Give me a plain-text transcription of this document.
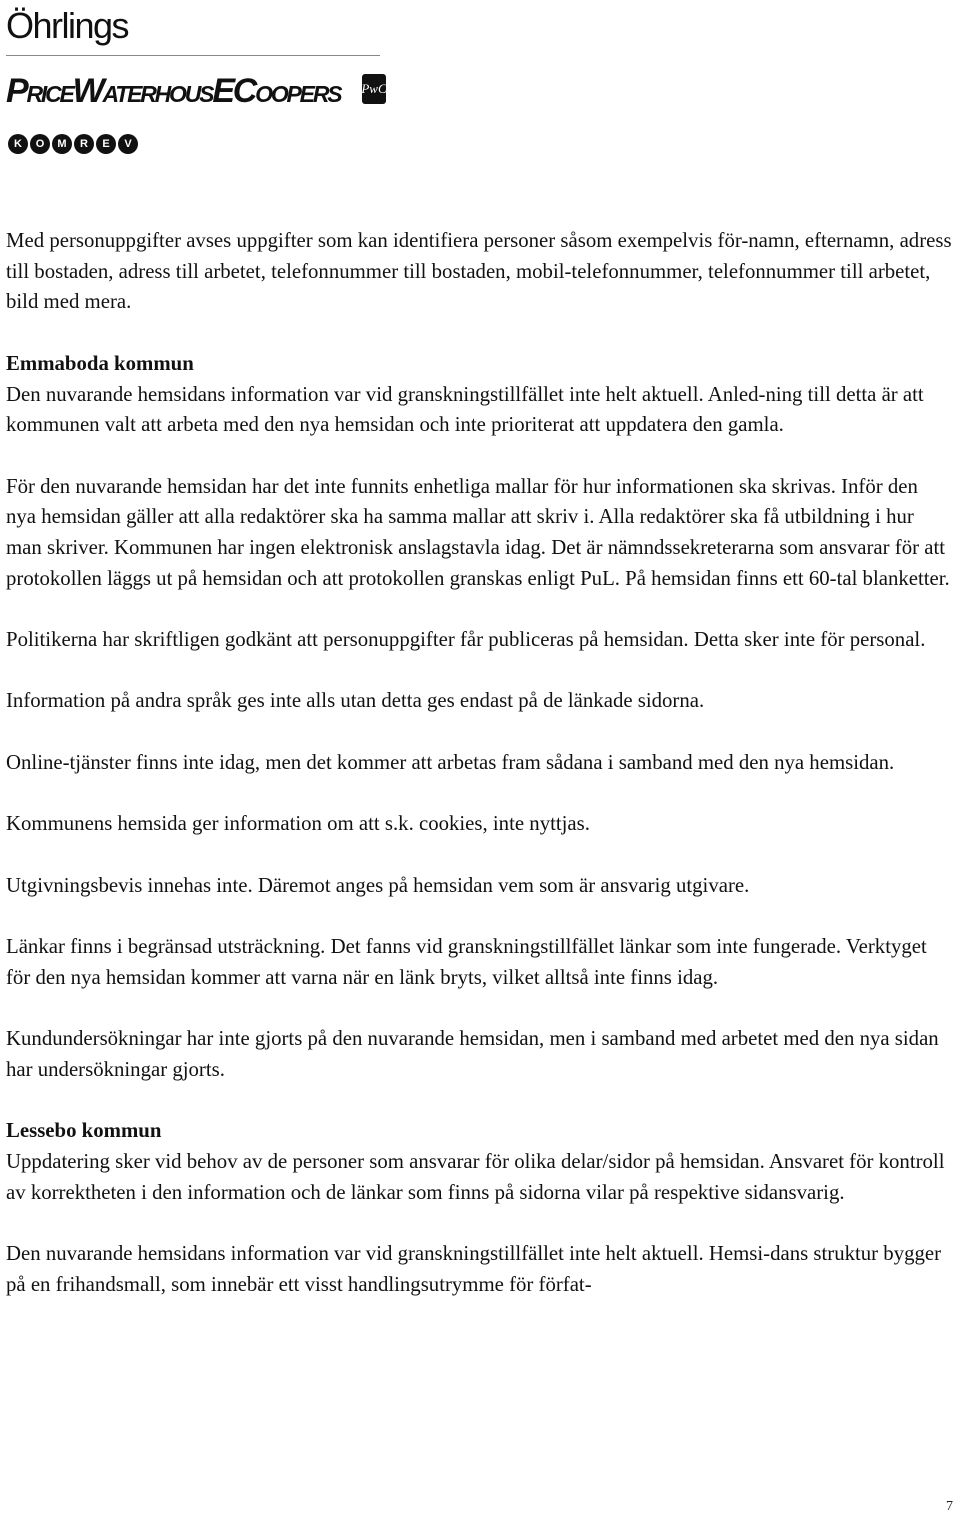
Öhrlings
PRICEWATERHOUSECOOPERS PwC
K	O	M	R	E	V

Med personuppgifter avses uppgifter som kan identifiera personer såsom exempelvis för-namn, efternamn, adress till bostaden, adress till arbetet, telefonnummer till bostaden, mobil-telefonnummer, telefonnummer till arbetet, bild med mera.

Emmaboda kommun

Den nuvarande hemsidans information var vid granskningstillfället inte helt aktuell. Anled-ning till detta är att kommunen valt att arbeta med den nya hemsidan och inte prioriterat att uppdatera den gamla.

För den nuvarande hemsidan har det inte funnits enhetliga mallar för hur informationen ska skrivas. Inför den nya hemsidan gäller att alla redaktörer ska ha samma mallar att skriv i. Alla redaktörer ska få utbildning i hur man skriver. Kommunen har ingen elektronisk anslagstavla idag. Det är nämndssekreterarna som ansvarar för att protokollen läggs ut på hemsidan och att protokollen granskas enligt PuL. På hemsidan finns ett 60-tal blanketter.

Politikerna har skriftligen godkänt att personuppgifter får publiceras på hemsidan. Detta sker inte för personal.

Information på andra språk ges inte alls utan detta ges endast på de länkade sidorna.

Online-tjänster finns inte idag, men det kommer att arbetas fram sådana i samband med den nya hemsidan.

Kommunens hemsida ger information om att s.k. cookies, inte nyttjas.

Utgivningsbevis innehas inte. Däremot anges på hemsidan vem som är ansvarig utgivare.

Länkar finns i begränsad utsträckning. Det fanns vid granskningstillfället länkar som inte fungerade. Verktyget för den nya hemsidan kommer att varna när en länk bryts, vilket alltså inte finns idag.

Kundundersökningar har inte gjorts på den nuvarande hemsidan, men i samband med arbetet med den nya sidan har undersökningar gjorts.

Lessebo kommun

Uppdatering sker vid behov av de personer som ansvarar för olika delar/sidor på hemsidan. Ansvaret för kontroll av korrektheten i den information och de länkar som finns på sidorna vilar på respektive sidansvarig.

Den nuvarande hemsidans information var vid granskningstillfället inte helt aktuell. Hemsi-dans struktur bygger på en frihandsmall, som innebär ett visst handlingsutrymme för förfat-

7
